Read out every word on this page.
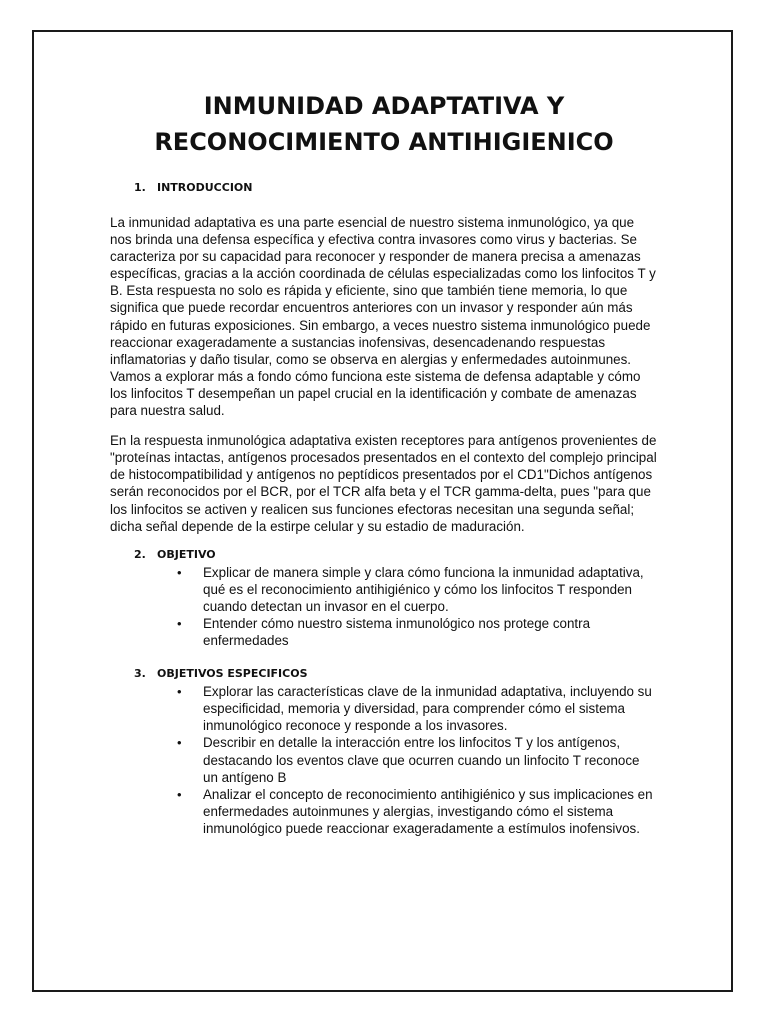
INMUNIDAD ADAPTATIVA Y
RECONOCIMIENTO ANTIHIGIENICO
1.	INTRODUCCION

La inmunidad adaptativa es una parte esencial de nuestro sistema inmunológico, ya que nos brinda una defensa específica y efectiva contra invasores como virus y bacterias. Se caracteriza por su capacidad para reconocer y responder de manera precisa a amenazas específicas, gracias a la acción coordinada de células especializadas como los linfocitos T y B. Esta respuesta no solo es rápida y eficiente, sino que también tiene memoria, lo que significa que puede recordar encuentros anteriores con un invasor y responder aún más rápido en futuras exposiciones. Sin embargo, a veces nuestro sistema inmunológico puede reaccionar exageradamente a sustancias inofensivas, desencadenando respuestas inflamatorias y daño tisular, como se observa en alergias y enfermedades autoinmunes. Vamos a explorar más a fondo cómo funciona este sistema de defensa adaptable y cómo los linfocitos T desempeñan un papel crucial en la identificación y combate de amenazas para nuestra salud.

En la respuesta inmunológica adaptativa existen receptores para antígenos provenientes de "proteínas intactas, antígenos procesados presentados en el contexto del complejo principal de histocompatibilidad y antígenos no peptídicos presentados por el CD1"Dichos antígenos serán reconocidos por el BCR, por el TCR alfa beta y el TCR gamma-delta, pues "para que los linfocitos se activen y realicen sus funciones efectoras necesitan una segunda señal; dicha señal depende de la estirpe celular y su estadio de maduración.

2.	OBJETIVO
• Explicar de manera simple y clara cómo funciona la inmunidad adaptativa, qué es el reconocimiento antihigiénico y cómo los linfocitos T responden cuando detectan un invasor en el cuerpo.
• Entender cómo nuestro sistema inmunológico nos protege contra enfermedades
3.	OBJETIVOS ESPECIFICOS
• Explorar las características clave de la inmunidad adaptativa, incluyendo su especificidad, memoria y diversidad, para comprender cómo el sistema inmunológico reconoce y responde a los invasores.
• Describir en detalle la interacción entre los linfocitos T y los antígenos, destacando los eventos clave que ocurren cuando un linfocito T reconoce un antígeno B
• Analizar el concepto de reconocimiento antihigiénico y sus implicaciones en enfermedades autoinmunes y alergias, investigando cómo el sistema inmunológico puede reaccionar exageradamente a estímulos inofensivos.
